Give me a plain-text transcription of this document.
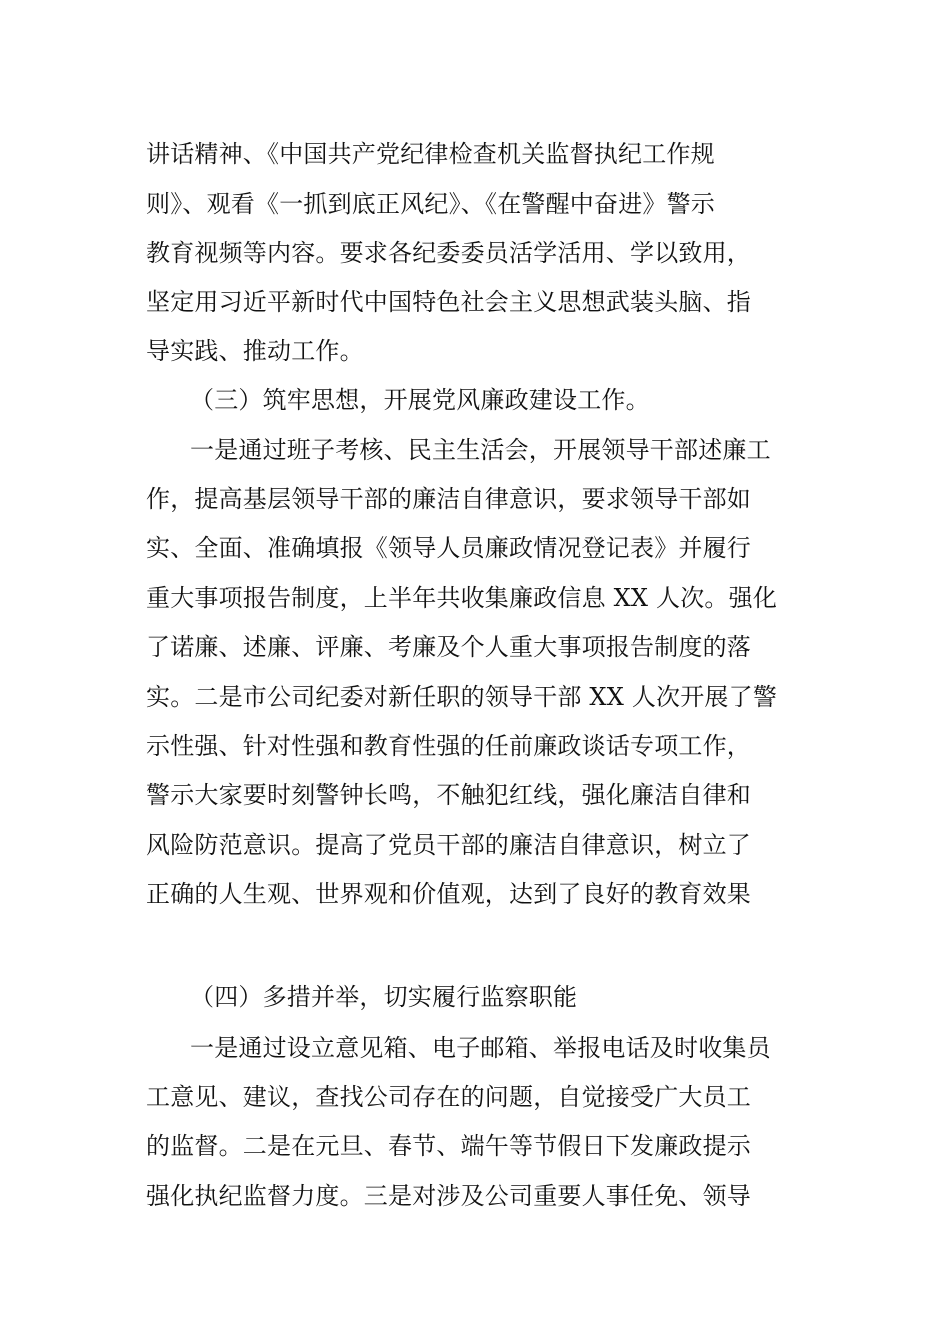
讲话精神、《中国共产党纪律检查机关监督执纪工作规
则》、观看《一抓到底正风纪》、《在警醒中奋进》警示
教育视频等内容。要求各纪委委员活学活用、学以致用，
坚定用习近平新时代中国特色社会主义思想武装头脑、指
导实践、推动工作。
（三）筑牢思想，开展党风廉政建设工作。
一是通过班子考核、民主生活会，开展领导干部述廉工
作，提高基层领导干部的廉洁自律意识，要求领导干部如
实、全面、准确填报《领导人员廉政情况登记表》并履行
重大事项报告制度，上半年共收集廉政信息 XX 人次。强化
了诺廉、述廉、评廉、考廉及个人重大事项报告制度的落
实。二是市公司纪委对新任职的领导干部 XX 人次开展了警
示性强、针对性强和教育性强的任前廉政谈话专项工作，
警示大家要时刻警钟长鸣，不触犯红线，强化廉洁自律和
风险防范意识。提高了党员干部的廉洁自律意识，树立了
正确的人生观、世界观和价值观，达到了良好的教育效果
（四）多措并举，切实履行监察职能
一是通过设立意见箱、电子邮箱、举报电话及时收集员
工意见、建议，查找公司存在的问题，自觉接受广大员工
的监督。二是在元旦、春节、端午等节假日下发廉政提示
强化执纪监督力度。三是对涉及公司重要人事任免、领导
